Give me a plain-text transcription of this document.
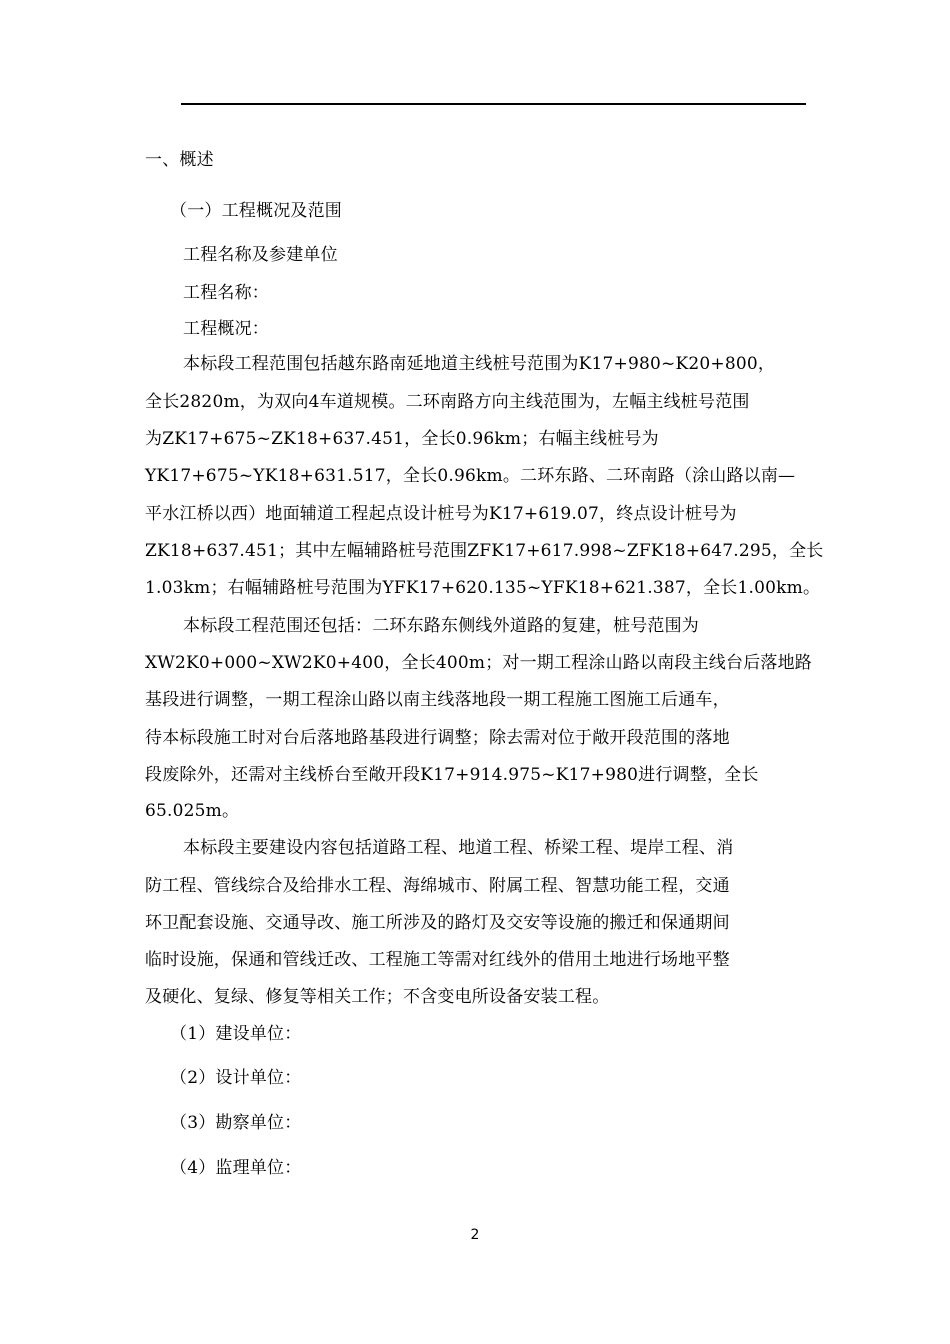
一、概述
（一）工程概况及范围
工程名称及参建单位
工程名称：
工程概况：
本标段工程范围包括越东路南延地道主线桩号范围为K17+980~K20+800，
全长2820m，为双向4车道规模。二环南路方向主线范围为，左幅主线桩号范围
为ZK17+675~ZK18+637.451，全长0.96km；右幅主线桩号为
YK17+675~YK18+631.517，全长0.96km。二环东路、二环南路（涂山路以南—
平水江桥以西）地面辅道工程起点设计桩号为K17+619.07，终点设计桩号为
ZK18+637.451；其中左幅辅路桩号范围ZFK17+617.998~ZFK18+647.295，全长
1.03km；右幅辅路桩号范围为YFK17+620.135~YFK18+621.387，全长1.00km。
本标段工程范围还包括：二环东路东侧线外道路的复建，桩号范围为
XW2K0+000~XW2K0+400，全长400m；对一期工程涂山路以南段主线台后落地路
基段进行调整，一期工程涂山路以南主线落地段一期工程施工图施工后通车，
待本标段施工时对台后落地路基段进行调整；除去需对位于敞开段范围的落地
段废除外，还需对主线桥台至敞开段K17+914.975~K17+980进行调整，全长
65.025m。
本标段主要建设内容包括道路工程、地道工程、桥梁工程、堤岸工程、消
防工程、管线综合及给排水工程、海绵城市、附属工程、智慧功能工程，交通
环卫配套设施、交通导改、施工所涉及的路灯及交安等设施的搬迁和保通期间
临时设施，保通和管线迁改、工程施工等需对红线外的借用土地进行场地平整
及硬化、复绿、修复等相关工作；不含变电所设备安装工程。
（1）建设单位：
（2）设计单位：
（3）勘察单位：
（4）监理单位：
2
